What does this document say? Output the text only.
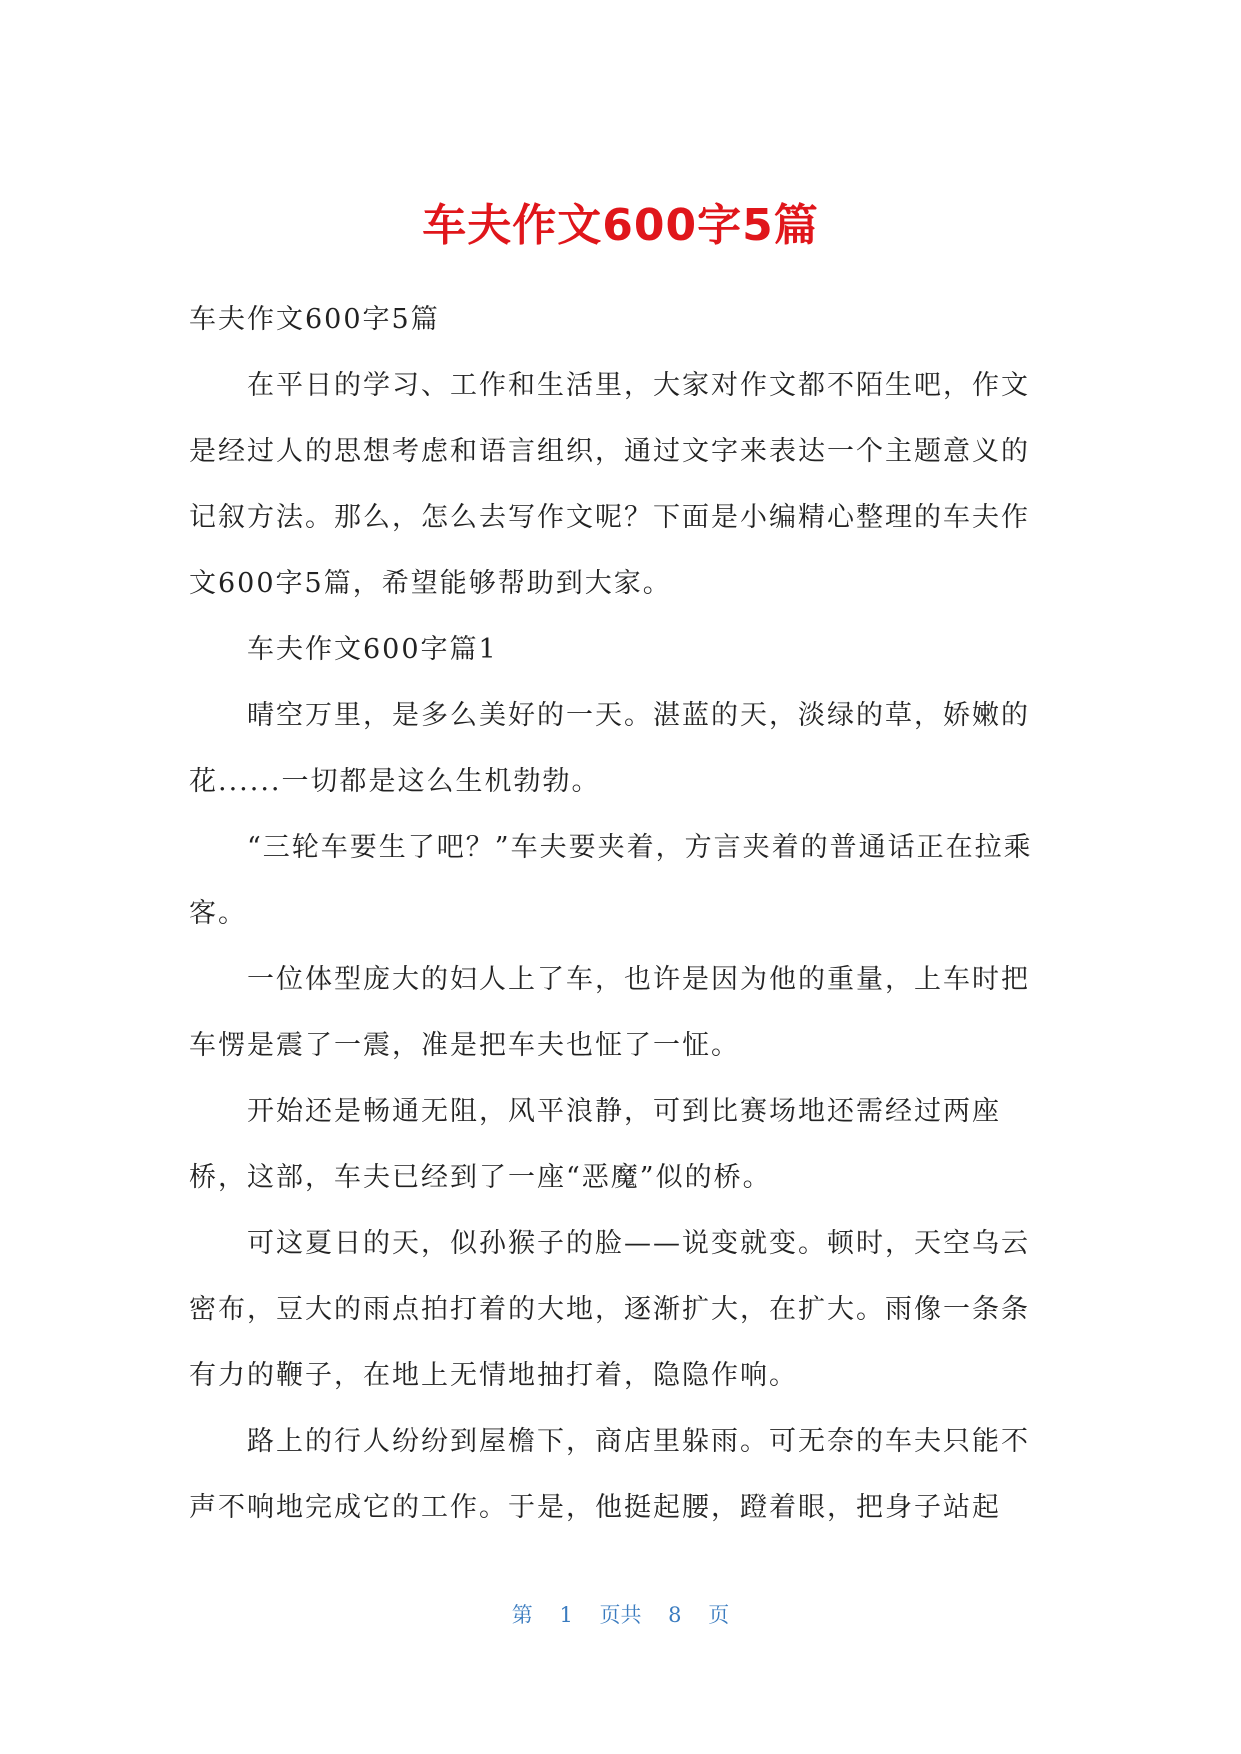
车夫作文600字5篇

车夫作文600字5篇

在平日的学习、工作和生活里，大家对作文都不陌生吧，作文是经过人的思想考虑和语言组织，通过文字来表达一个主题意义的记叙方法。那么，怎么去写作文呢？下面是小编精心整理的车夫作文600字5篇，希望能够帮助到大家。

车夫作文600字篇1

晴空万里，是多么美好的一天。湛蓝的天，淡绿的草，娇嫩的花......一切都是这么生机勃勃。

“三轮车要生了吧？”车夫要夹着，方言夹着的普通话正在拉乘客。

一位体型庞大的妇人上了车，也许是因为他的重量，上车时把车愣是震了一震，准是把车夫也怔了一怔。

开始还是畅通无阻，风平浪静，可到比赛场地还需经过两座桥，这部，车夫已经到了一座“恶魔”似的桥。

可这夏日的天，似孙猴子的脸——说变就变。顿时，天空乌云密布，豆大的雨点拍打着的大地，逐渐扩大，在扩大。雨像一条条有力的鞭子，在地上无情地抽打着，隐隐作响。

路上的行人纷纷到屋檐下，商店里躲雨。可无奈的车夫只能不声不响地完成它的工作。于是，他挺起腰，蹬着眼，把身子站起

第 1 页共 8 页
